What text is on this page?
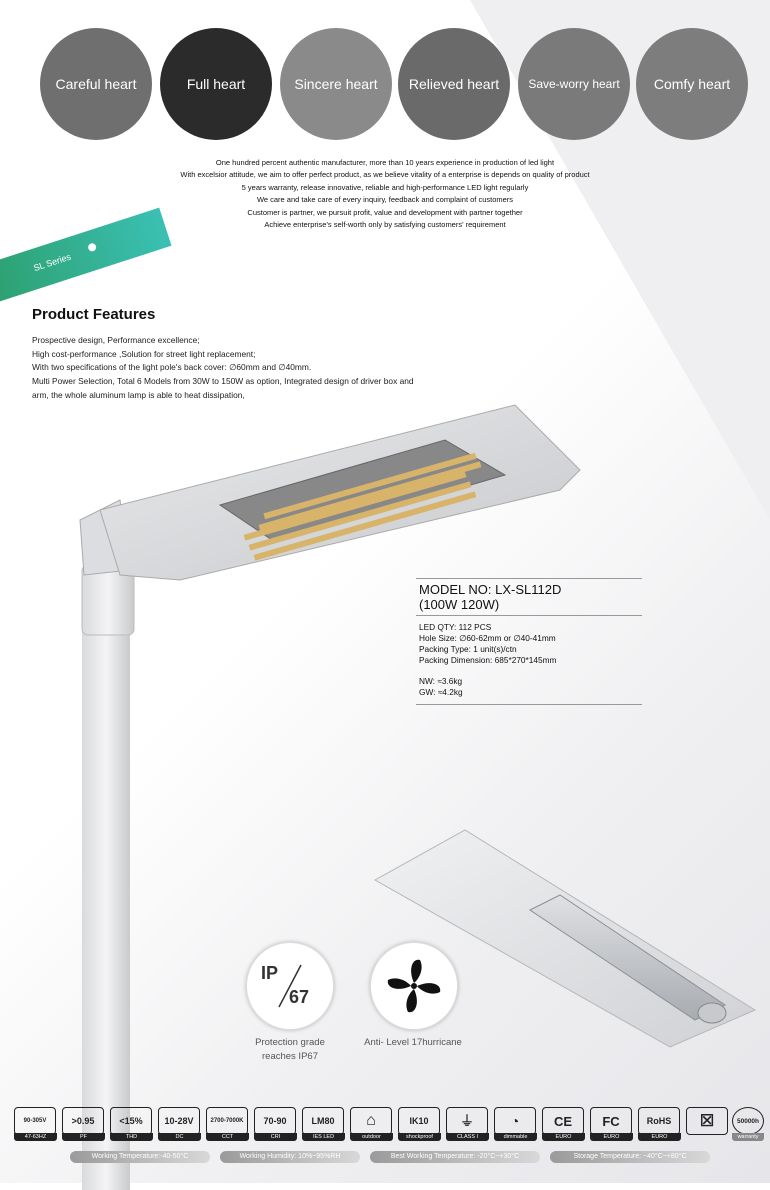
Careful heart	Full heart	Sincere heart	Relieved heart	Save-worry heart	Comfy heart
One hundred percent authentic manufacturer, more than 10 years experience in production of led light
With excelsior attitude, we aim to offer perfect product, as we believe vitality of a enterprise is depends on quality of product
5 years warranty, release innovative, reliable and high-performance LED light regularly
We care and take care of every inquiry, feedback and complaint of customers
Customer is partner, we pursuit profit, value and development with partner together
Achieve enterprise's self-worth only by satisfying customers' requirement
SL Series
Product Features
Prospective design, Performance excellence;
High cost-performance ,Solution for street light replacement;
With two specifications of the light pole's back cover: ∅60mm and ∅40mm.
Multi Power Selection, Total 6 Models from 30W to 150W as option, Integrated design of driver box and
arm, the whole aluminum lamp is able to heat dissipation,
MODEL NO: LX-SL112D
(100W 120W)
LED QTY: 112 PCS
Hole Size: ∅60-62mm or ∅40-41mm
Packing Type: 1 unit(s)/ctn
Packing Dimension: 685*270*145mm
NW: ≈3.6kg
GW: ≈4.2kg
IP
67
Protection grade
reaches IP67
Anti- Level 17hurricane
90-305V
47-63HZ
>0.95
PF
<15%
THD
10-28V
DC
2700-7000K
CCT
70-90
CRI
LM80
IES LED
⌂
outdoor
IK10
shockproof
⏚
CLASS I
◔
dimmable
CE
EURO
FC
EURO
RoHS
EURO
☒	50000h
warranty
Working Temperature:-40-50°C	Working Humidity: 10%~95%RH	Best Working Temperature: -20°C~+30°C	Storage Temperature: −40°C~+80°C
